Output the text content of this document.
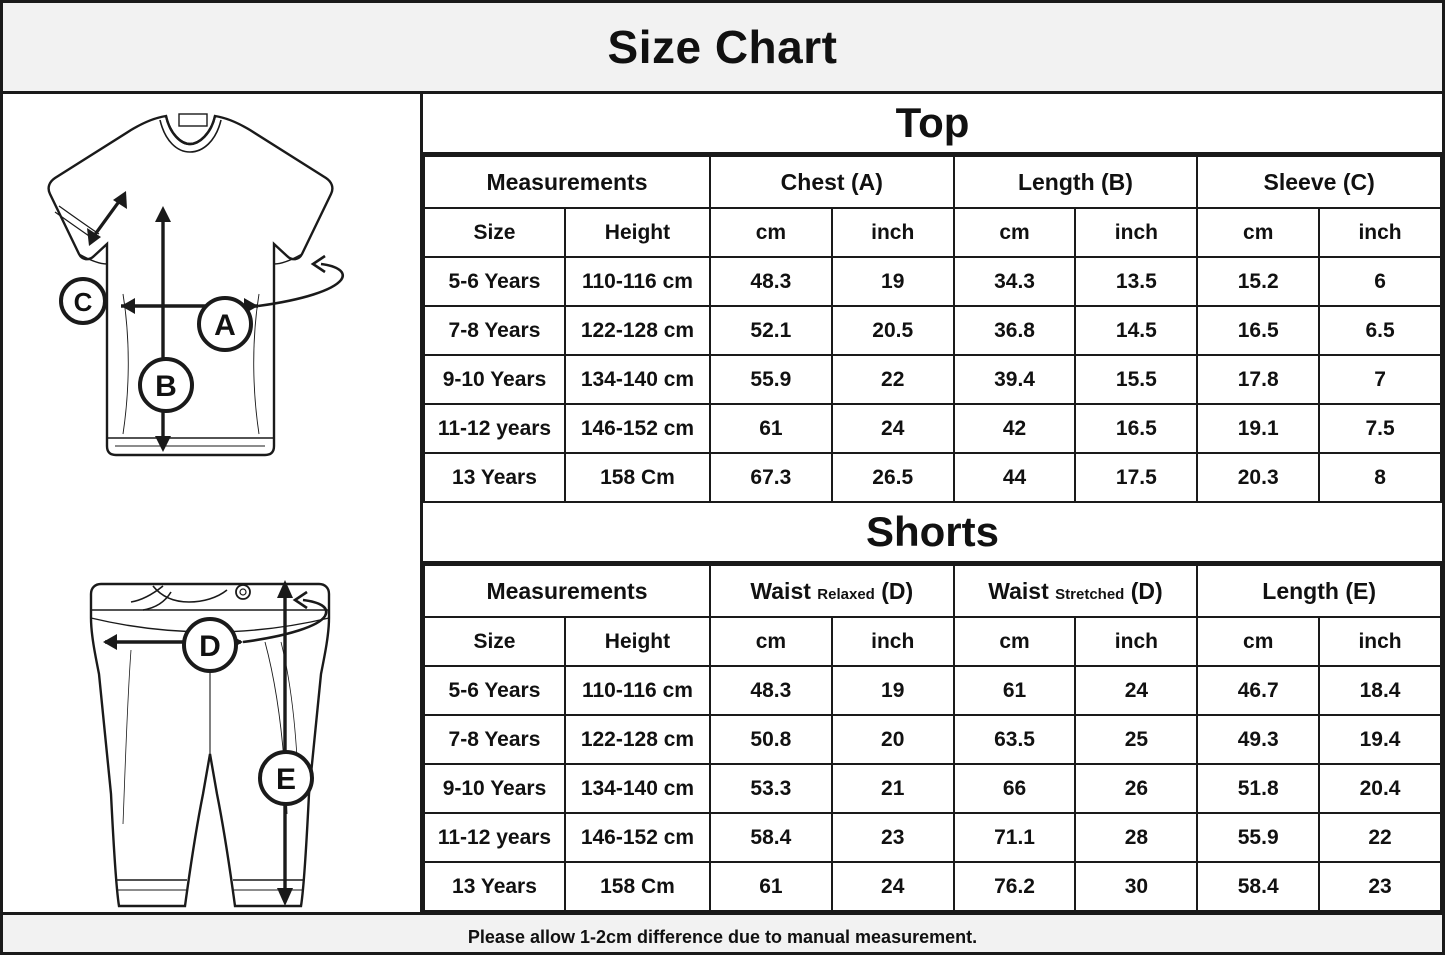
Size Chart
A
B
C
D
E
Top
Measurements		Chest (A)		Length (B)		Sleeve (C)	
Size	Height	cm	inch	cm	inch	cm	inch
5-6 Years	110-116 cm	48.3	19	34.3	13.5	15.2	6
7-8 Years	122-128 cm	52.1	20.5	36.8	14.5	16.5	6.5
9-10 Years	134-140 cm	55.9	22	39.4	15.5	17.8	7
11-12 years	146-152 cm	61	24	42	16.5	19.1	7.5
13 Years	158 Cm	67.3	26.5	44	17.5	20.3	8
Shorts
Measurements		Waist Relaxed (D)		Waist Stretched (D)		Length (E)	
Size	Height	cm	inch	cm	inch	cm	inch
5-6 Years	110-116 cm	48.3	19	61	24	46.7	18.4
7-8 Years	122-128 cm	50.8	20	63.5	25	49.3	19.4
9-10 Years	134-140 cm	53.3	21	66	26	51.8	20.4
11-12 years	146-152 cm	58.4	23	71.1	28	55.9	22
13 Years	158 Cm	61	24	76.2	30	58.4	23
Please allow 1-2cm difference due to manual measurement.
